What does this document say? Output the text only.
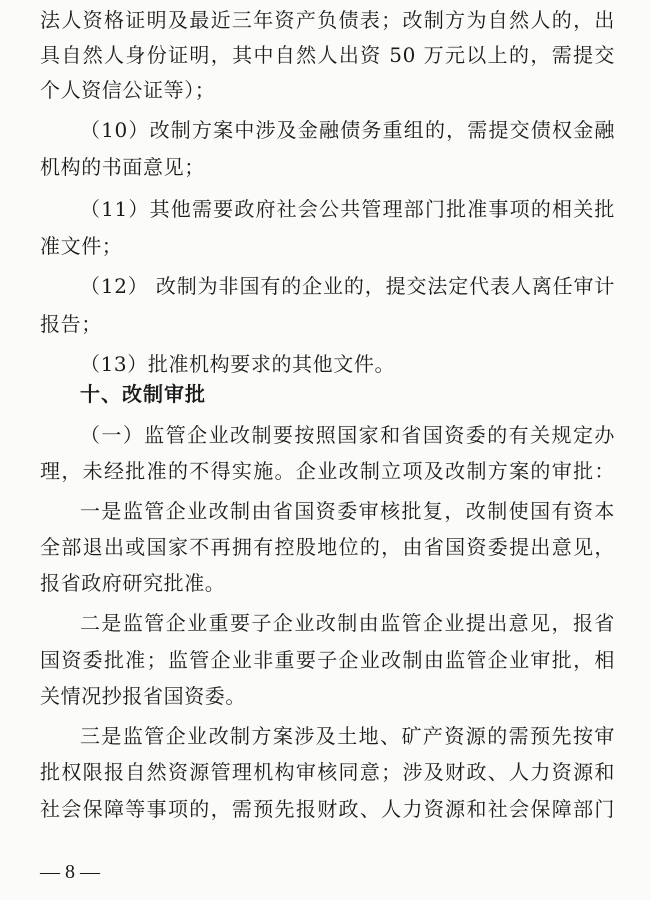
法人资格证明及最近三年资产负债表；改制方为自然人的，出
具自然人身份证明，其中自然人出资 50 万元以上的，需提交
个人资信公证等）；
（10）改制方案中涉及金融债务重组的，需提交债权金融
机构的书面意见；
（11）其他需要政府社会公共管理部门批准事项的相关批
准文件；
（12） 改制为非国有的企业的，提交法定代表人离任审计
报告；
（13）批准机构要求的其他文件。
十、改制审批
（一）监管企业改制要按照国家和省国资委的有关规定办
理，未经批准的不得实施。企业改制立项及改制方案的审批：
一是监管企业改制由省国资委审核批复，改制使国有资本
全部退出或国家不再拥有控股地位的，由省国资委提出意见，
报省政府研究批准。
二是监管企业重要子企业改制由监管企业提出意见，报省
国资委批准；监管企业非重要子企业改制由监管企业审批，相
关情况抄报省国资委。
三是监管企业改制方案涉及土地、矿产资源的需预先按审
批权限报自然资源管理机构审核同意；涉及财政、人力资源和
社会保障等事项的，需预先报财政、人力资源和社会保障部门
— 8 —
